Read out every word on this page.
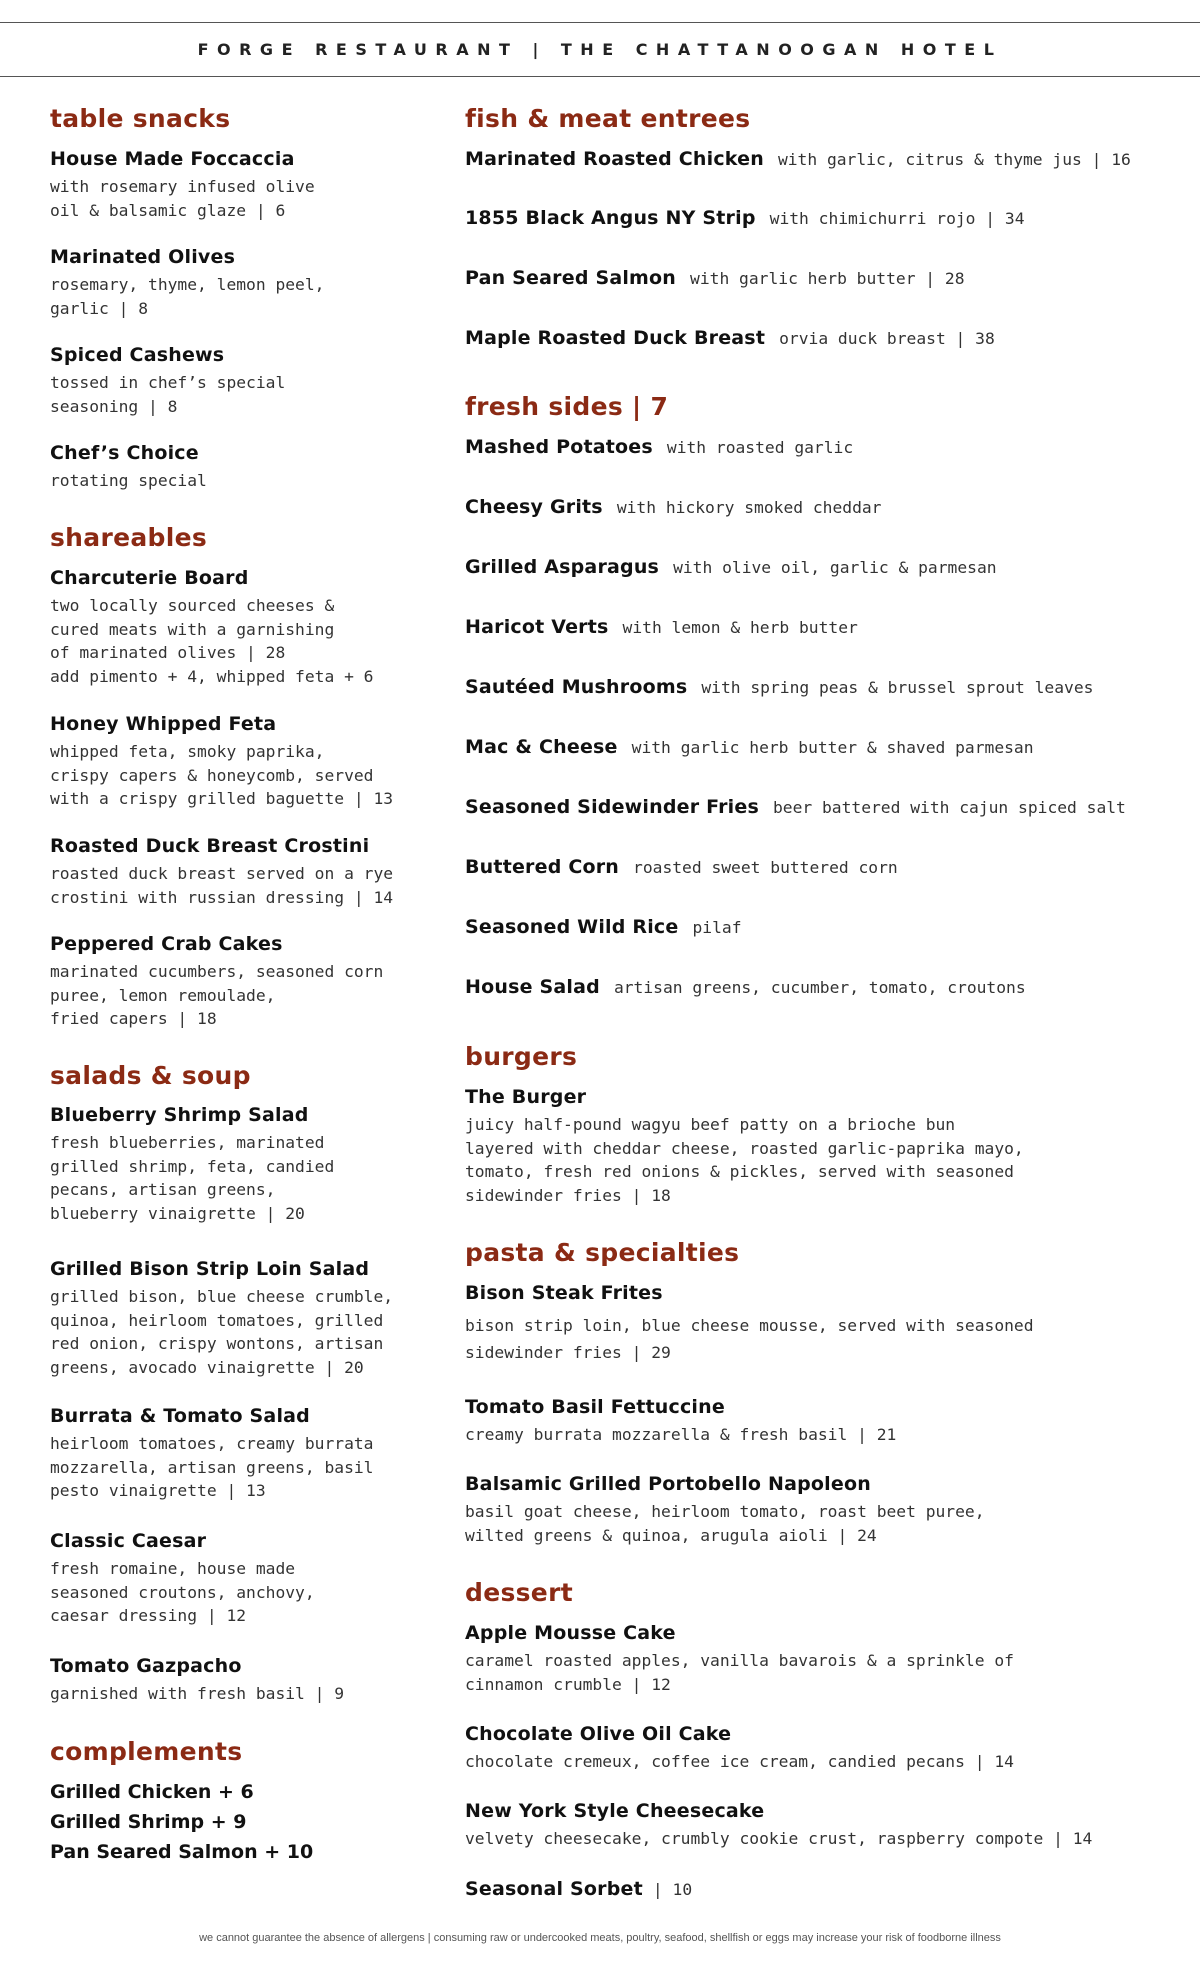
FORGE RESTAURANT | THE CHATTANOOGAN HOTEL
table snacks
House Made Foccaccia
with rosemary infused olive
oil & balsamic glaze | 6
Marinated Olives
rosemary, thyme, lemon peel,
garlic | 8
Spiced Cashews
tossed in chef’s special
seasoning | 8
Chef’s Choice
rotating special
shareables
Charcuterie Board
two locally sourced cheeses &
cured meats with a garnishing
of marinated olives | 28
add pimento + 4, whipped feta + 6
Honey Whipped Feta
whipped feta, smoky paprika,
crispy capers & honeycomb, served
with a crispy grilled baguette | 13
Roasted Duck Breast Crostini
roasted duck breast served on a rye
crostini with russian dressing | 14
Peppered Crab Cakes
marinated cucumbers, seasoned corn
puree, lemon remoulade,
fried capers | 18
salads & soup
Blueberry Shrimp Salad
fresh blueberries, marinated
grilled shrimp, feta, candied
pecans, artisan greens,
blueberry vinaigrette | 20
Grilled Bison Strip Loin Salad
grilled bison, blue cheese crumble,
quinoa, heirloom tomatoes, grilled
red onion, crispy wontons, artisan
greens, avocado vinaigrette | 20
Burrata & Tomato Salad
heirloom tomatoes, creamy burrata
mozzarella, artisan greens, basil
pesto vinaigrette | 13
Classic Caesar
fresh romaine, house made
seasoned croutons, anchovy,
caesar dressing | 12
Tomato Gazpacho
garnished with fresh basil | 9
complements
Grilled Chicken + 6
Grilled Shrimp + 9
Pan Seared Salmon + 10
fish & meat entrees
Marinated Roasted Chicken with garlic, citrus & thyme jus | 16
1855 Black Angus NY Strip with chimichurri rojo | 34
Pan Seared Salmon with garlic herb butter | 28
Maple Roasted Duck Breast orvia duck breast | 38
fresh sides | 7
Mashed Potatoes with roasted garlic
Cheesy Grits with hickory smoked cheddar
Grilled Asparagus with olive oil, garlic & parmesan
Haricot Verts with lemon & herb butter
Sautéed Mushrooms with spring peas & brussel sprout leaves
Mac & Cheese with garlic herb butter & shaved parmesan
Seasoned Sidewinder Fries beer battered with cajun spiced salt
Buttered Corn roasted sweet buttered corn
Seasoned Wild Rice pilaf
House Salad artisan greens, cucumber, tomato, croutons
burgers
The Burger
juicy half-pound wagyu beef patty on a brioche bun
layered with cheddar cheese, roasted garlic-paprika mayo,
tomato, fresh red onions & pickles, served with seasoned
sidewinder fries | 18
pasta & specialties
Bison Steak Frites
bison strip loin, blue cheese mousse, served with seasoned
sidewinder fries | 29
Tomato Basil Fettuccine
creamy burrata mozzarella & fresh basil | 21
Balsamic Grilled Portobello Napoleon
basil goat cheese, heirloom tomato, roast beet puree,
wilted greens & quinoa, arugula aioli | 24
dessert
Apple Mousse Cake
caramel roasted apples, vanilla bavarois & a sprinkle of
cinnamon crumble | 12
Chocolate Olive Oil Cake
chocolate cremeux, coffee ice cream, candied pecans | 14
New York Style Cheesecake
velvety cheesecake, crumbly cookie crust, raspberry compote | 14
Seasonal Sorbet | 10
we cannot guarantee the absence of allergens | consuming raw or undercooked meats, poultry, seafood, shellfish or eggs may increase your risk of foodborne illness
